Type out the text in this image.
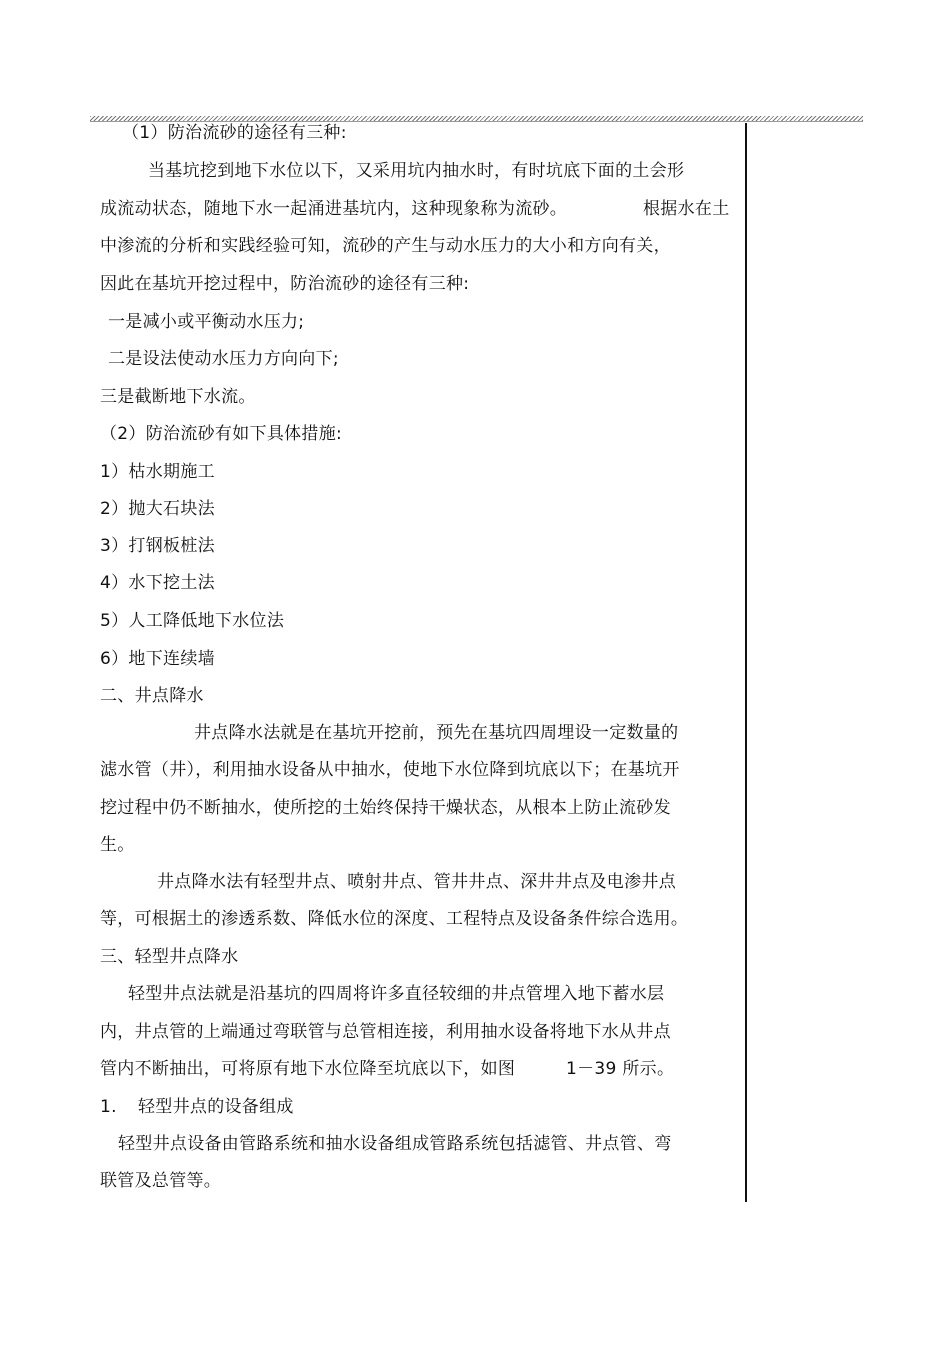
（1）防治流砂的途径有三种:
当基坑挖到地下水位以下，又采用坑内抽水时，有时坑底下面的土会形
成流动状态，随地下水一起涌进基坑内，这种现象称为流砂。	根据水在土
中渗流的分析和实践经验可知，流砂的产生与动水压力的大小和方向有关，
因此在基坑开挖过程中，防治流砂的途径有三种:
一是减小或平衡动水压力;
二是设法使动水压力方向向下;
三是截断地下水流。
（2）防治流砂有如下具体措施:
1）枯水期施工
2）抛大石块法
3）打钢板桩法
4）水下挖土法
5）人工降低地下水位法
6）地下连续墙
二、井点降水
井点降水法就是在基坑开挖前，预先在基坑四周埋设一定数量的
滤水管（井），利用抽水设备从中抽水，使地下水位降到坑底以下；在基坑开
挖过程中仍不断抽水，使所挖的土始终保持干燥状态，从根本上防止流砂发
生。
井点降水法有轻型井点、喷射井点、管井井点、深井井点及电渗井点
等，可根据土的渗透系数、降低水位的深度、工程特点及设备条件综合选用。
三、轻型井点降水
轻型井点法就是沿基坑的四周将许多直径较细的井点管埋入地下蓄水层
内，井点管的上端通过弯联管与总管相连接，利用抽水设备将地下水从井点
管内不断抽出，可将原有地下水位降至坑底以下，如图	1－39 所示。
1. 轻型井点的设备组成
轻型井点设备由管路系统和抽水设备组成管路系统包括滤管、井点管、弯
联管及总管等。
